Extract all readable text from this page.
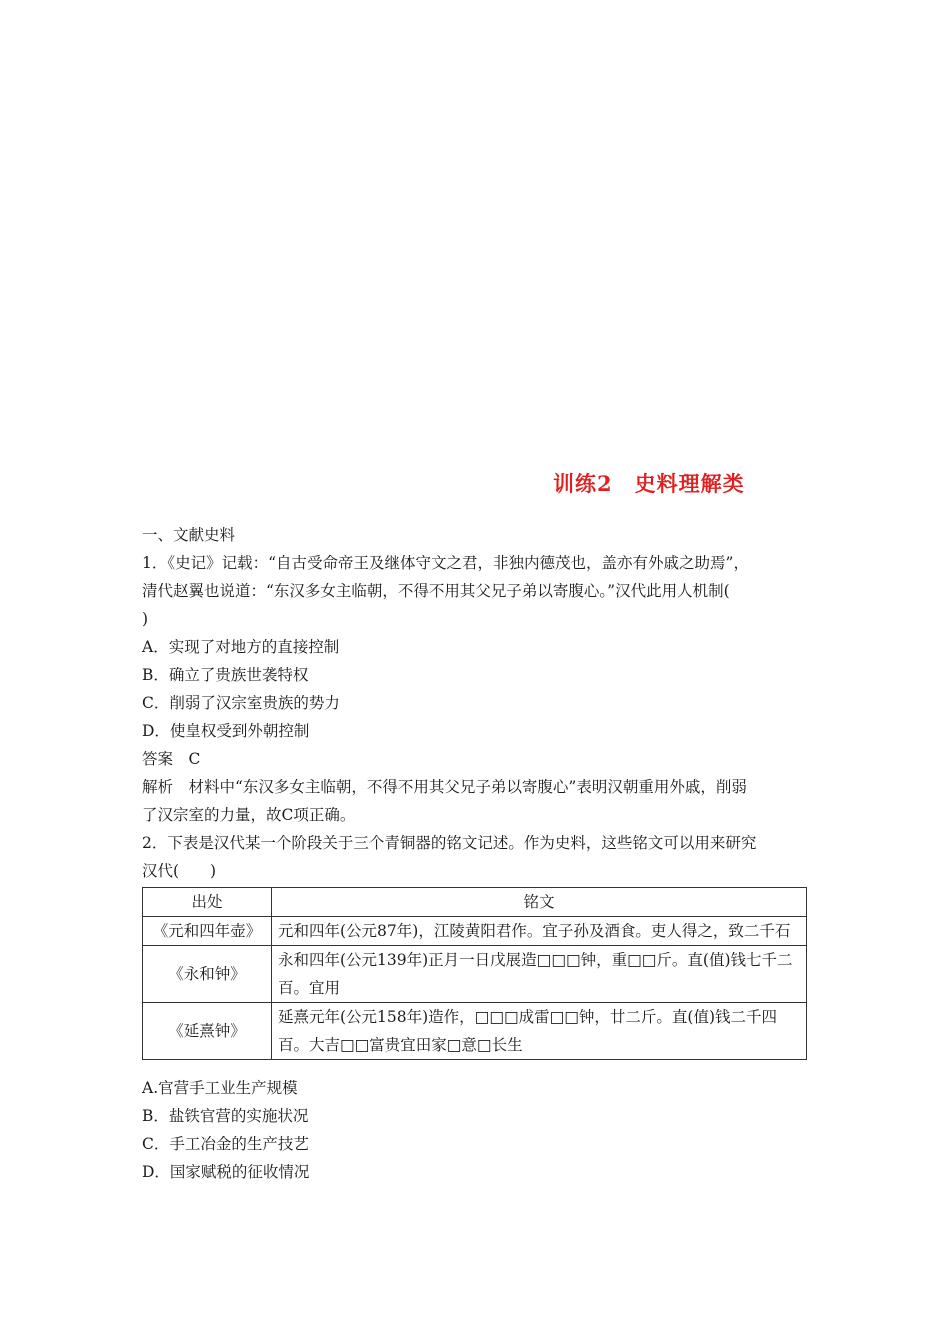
训练2　史料理解类
一、文献史料
1．《史记》记载：“自古受命帝王及继体守文之君，非独内德茂也，盖亦有外戚之助焉”，
清代赵翼也说道：“东汉多女主临朝，不得不用其父兄子弟以寄腹心。”汉代此用人机制(
)
A．实现了对地方的直接控制
B．确立了贵族世袭特权
C．削弱了汉宗室贵族的势力
D．使皇权受到外朝控制
答案　C
解析　材料中“东汉多女主临朝，不得不用其父兄子弟以寄腹心”表明汉朝重用外戚，削弱
了汉宗室的力量，故C项正确。
2．下表是汉代某一个阶段关于三个青铜器的铭文记述。作为史料，这些铭文可以用来研究
汉代(　　)
出处	铭文
《元和四年壶》	元和四年(公元87年)，江陵黄阳君作。宜子孙及酒食。吏人得之，致二千石
《永和钟》	永和四年(公元139年)正月一日戊展造□□□钟，重□□斤。直(值)钱七千二百。宜用
《延熹钟》	延熹元年(公元158年)造作，□□□成雷□□钟，廿二斤。直(值)钱二千四百。大吉□□富贵宜田家□意□长生
A.官营手工业生产规模
B．盐铁官营的实施状况
C．手工冶金的生产技艺
D．国家赋税的征收情况
